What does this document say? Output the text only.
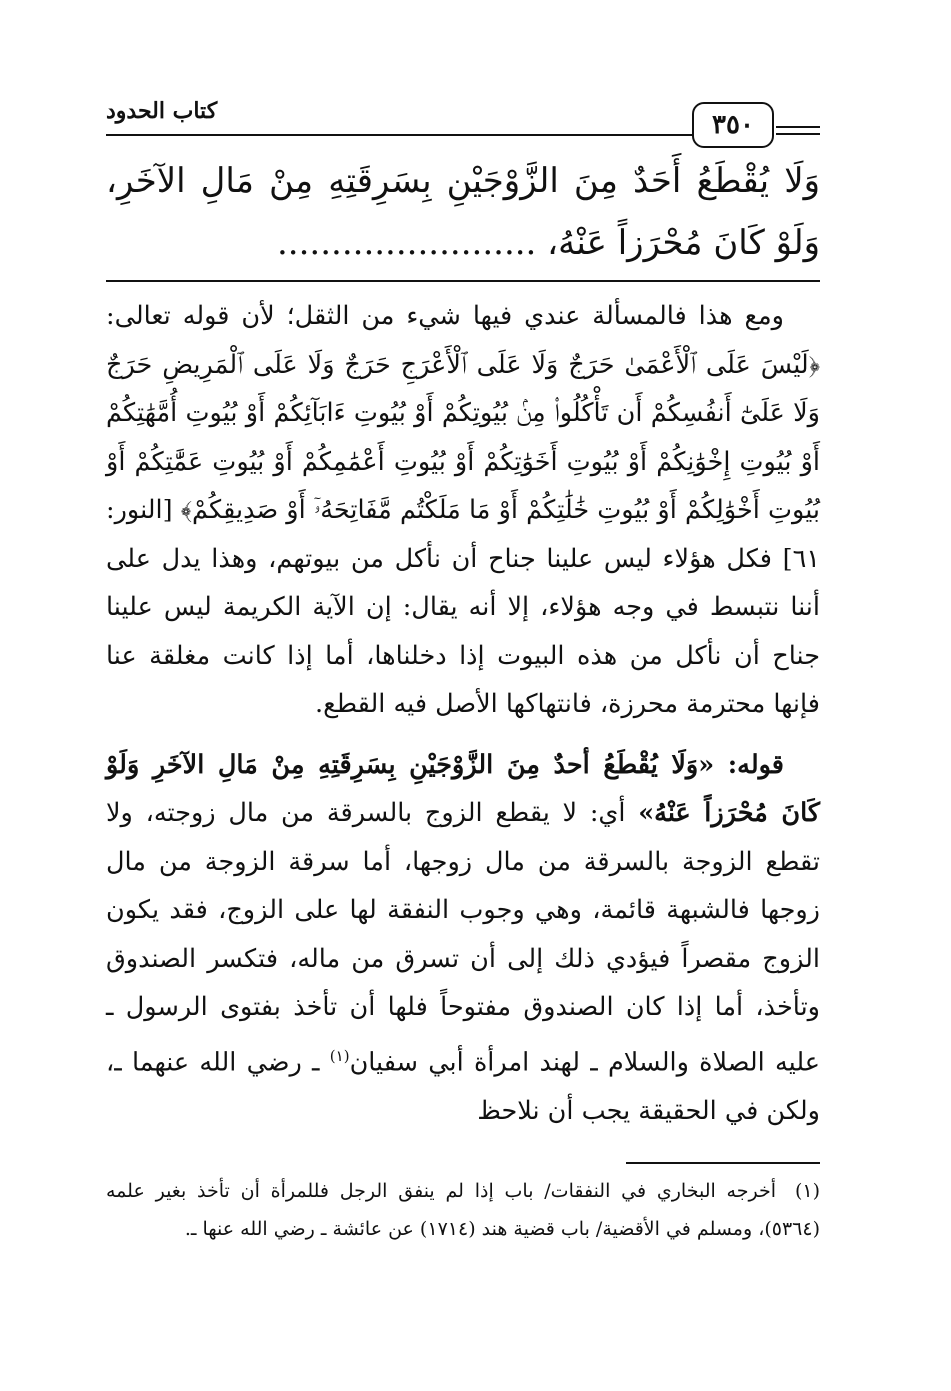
كتاب الحدود	٣٥٠
وَلَا يُقْطَعُ أَحَدٌ مِنَ الزَّوْجَيْنِ بِسَرِقَتِهِ مِنْ مَالِ الآخَرِ، وَلَوْ كَانَ مُحْرَزاً عَنْهُ، ........................

ومع هذا فالمسألة عندي فيها شيء من الثقل؛ لأن قوله تعالى: ﴿لَيْسَ عَلَى ٱلْأَعْمَىٰ حَرَجٌ وَلَا عَلَى ٱلْأَعْرَجِ حَرَجٌ وَلَا عَلَى ٱلْمَرِيضِ حَرَجٌ وَلَا عَلَىٰٓ أَنفُسِكُمْ أَن تَأْكُلُوا۟ مِنۢ بُيُوتِكُمْ أَوْ بُيُوتِ ءَابَآئِكُمْ أَوْ بُيُوتِ أُمَّهَٰتِكُمْ أَوْ بُيُوتِ إِخْوَٰنِكُمْ أَوْ بُيُوتِ أَخَوَٰتِكُمْ أَوْ بُيُوتِ أَعْمَٰمِكُمْ أَوْ بُيُوتِ عَمَّٰتِكُمْ أَوْ بُيُوتِ أَخْوَٰلِكُمْ أَوْ بُيُوتِ خَٰلَٰتِكُمْ أَوْ مَا مَلَكْتُم مَّفَاتِحَهُۥٓ أَوْ صَدِيقِكُمْ﴾ [النور: ٦١] فكل هؤلاء ليس علينا جناح أن نأكل من بيوتهم، وهذا يدل على أننا نتبسط في وجه هؤلاء، إلا أنه يقال: إن الآية الكريمة ليس علينا جناح أن نأكل من هذه البيوت إذا دخلناها، أما إذا كانت مغلقة عنا فإنها محترمة محرزة، فانتهاكها الأصل فيه القطع.

قوله: «وَلَا يُقْطَعُ أحدٌ مِنَ الزَّوْجَيْنِ بِسَرِقَتِهِ مِنْ مَالِ الآخَرِ وَلَوْ كَانَ مُحْرَزاً عَنْهُ» أي: لا يقطع الزوج بالسرقة من مال زوجته، ولا تقطع الزوجة بالسرقة من مال زوجها، أما سرقة الزوجة من مال زوجها فالشبهة قائمة، وهي وجوب النفقة لها على الزوج، فقد يكون الزوج مقصراً فيؤدي ذلك إلى أن تسرق من ماله، فتكسر الصندوق وتأخذ، أما إذا كان الصندوق مفتوحاً فلها أن تأخذ بفتوى الرسول ـ عليه الصلاة والسلام ـ لهند امرأة أبي سفيان$^{(١)}$ ـ رضي الله عنهما ـ، ولكن في الحقيقة يجب أن نلاحظ

(١)أخرجه البخاري في النفقات/ باب إذا لم ينفق الرجل فللمرأة أن تأخذ بغير علمه (٥٣٦٤)، ومسلم في الأقضية/ باب قضية هند (١٧١٤) عن عائشة ـ رضي الله عنها ـ.
